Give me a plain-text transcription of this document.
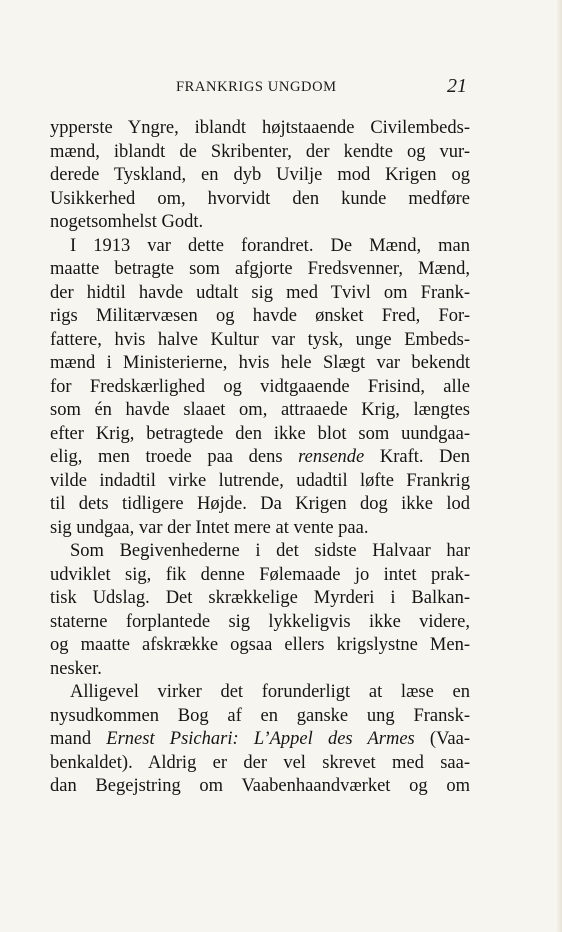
FRANKRIGS UNGDOM	21
ypperste Yngre, iblandt højtstaaende Civilembeds-
mænd, iblandt de Skribenter, der kendte og vur-
derede Tyskland, en dyb Uvilje mod Krigen og
Usikkerhed om, hvorvidt den kunde medføre
nogetsomhelst Godt.
I 1913 var dette forandret. De Mænd, man
maatte betragte som afgjorte Fredsvenner, Mænd,
der hidtil havde udtalt sig med Tvivl om Frank-
rigs Militærvæsen og havde ønsket Fred, For-
fattere, hvis halve Kultur var tysk, unge Embeds-
mænd i Ministerierne, hvis hele Slægt var bekendt
for Fredskærlighed og vidtgaaende Frisind, alle
som én havde slaaet om, attraaede Krig, længtes
efter Krig, betragtede den ikke blot som uundgaa-
elig, men troede paa dens rensende Kraft. Den
vilde indadtil virke lutrende, udadtil løfte Frankrig
til dets tidligere Højde. Da Krigen dog ikke lod
sig undgaa, var der Intet mere at vente paa.
Som Begivenhederne i det sidste Halvaar har
udviklet sig, fik denne Følemaade jo intet prak-
tisk Udslag. Det skrækkelige Myrderi i Balkan-
staterne forplantede sig lykkeligvis ikke videre,
og maatte afskrække ogsaa ellers krigslystne Men-
nesker.
Alligevel virker det forunderligt at læse en
nysudkommen Bog af en ganske ung Fransk-
mand Ernest Psichari: L’Appel des Armes (Vaa-
benkaldet). Aldrig er der vel skrevet med saa-
dan Begejstring om Vaabenhaandværket og om
